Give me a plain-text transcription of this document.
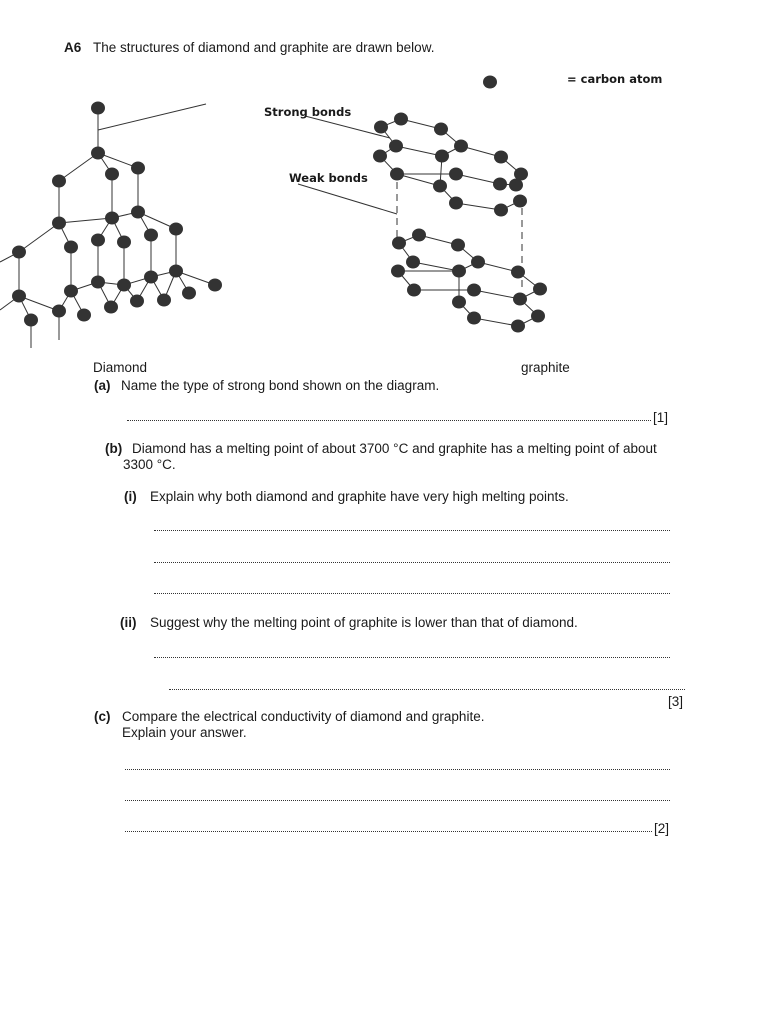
A6 The structures of diamond and graphite are drawn below.
= carbon atom
Strong bonds
Weak bonds
Diamond	graphite
(a) Name the type of strong bond shown on the diagram.
[1]
(b) Diamond has a melting point of about 3700 °C and graphite has a melting point of about
3300 °C.
(i) Explain why both diamond and graphite have very high melting points.
(ii) Suggest why the melting point of graphite is lower than that of diamond.
[3]
(c) Compare the electrical conductivity of diamond and graphite.
Explain your answer.
[2]
